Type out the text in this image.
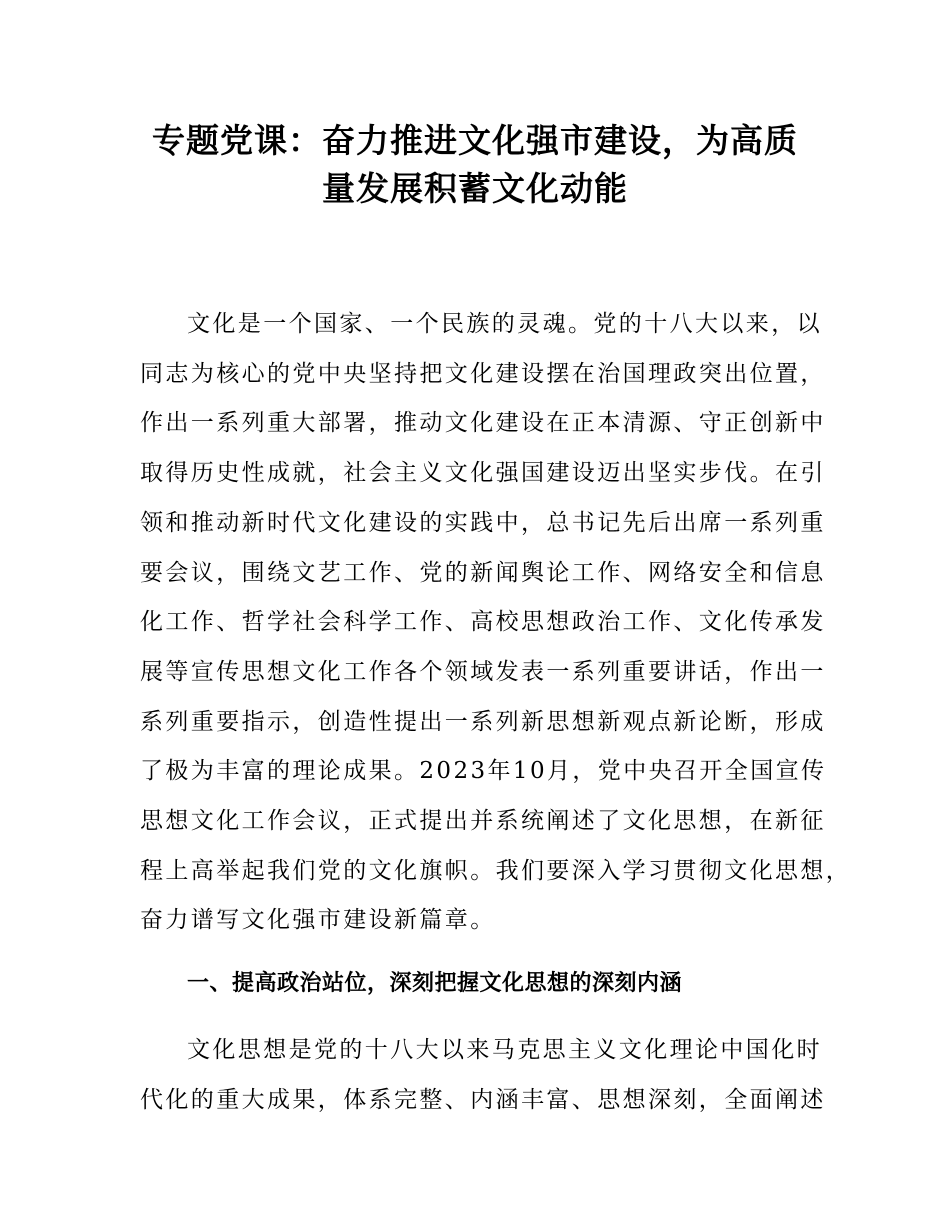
专题党课：奋力推进文化强市建设，为高质
量发展积蓄文化动能
文化是一个国家、一个民族的灵魂。党的十八大以来，以
同志为核心的党中央坚持把文化建设摆在治国理政突出位置，
作出一系列重大部署，推动文化建设在正本清源、守正创新中
取得历史性成就，社会主义文化强国建设迈出坚实步伐。在引
领和推动新时代文化建设的实践中，总书记先后出席一系列重
要会议，围绕文艺工作、党的新闻舆论工作、网络安全和信息
化工作、哲学社会科学工作、高校思想政治工作、文化传承发
展等宣传思想文化工作各个领域发表一系列重要讲话，作出一
系列重要指示，创造性提出一系列新思想新观点新论断，形成
了极为丰富的理论成果。2023年10月，党中央召开全国宣传
思想文化工作会议，正式提出并系统阐述了文化思想，在新征
程上高举起我们党的文化旗帜。我们要深入学习贯彻文化思想，
奋力谱写文化强市建设新篇章。
一、提高政治站位，深刻把握文化思想的深刻内涵
文化思想是党的十八大以来马克思主义文化理论中国化时
代化的重大成果，体系完整、内涵丰富、思想深刻，全面阐述
